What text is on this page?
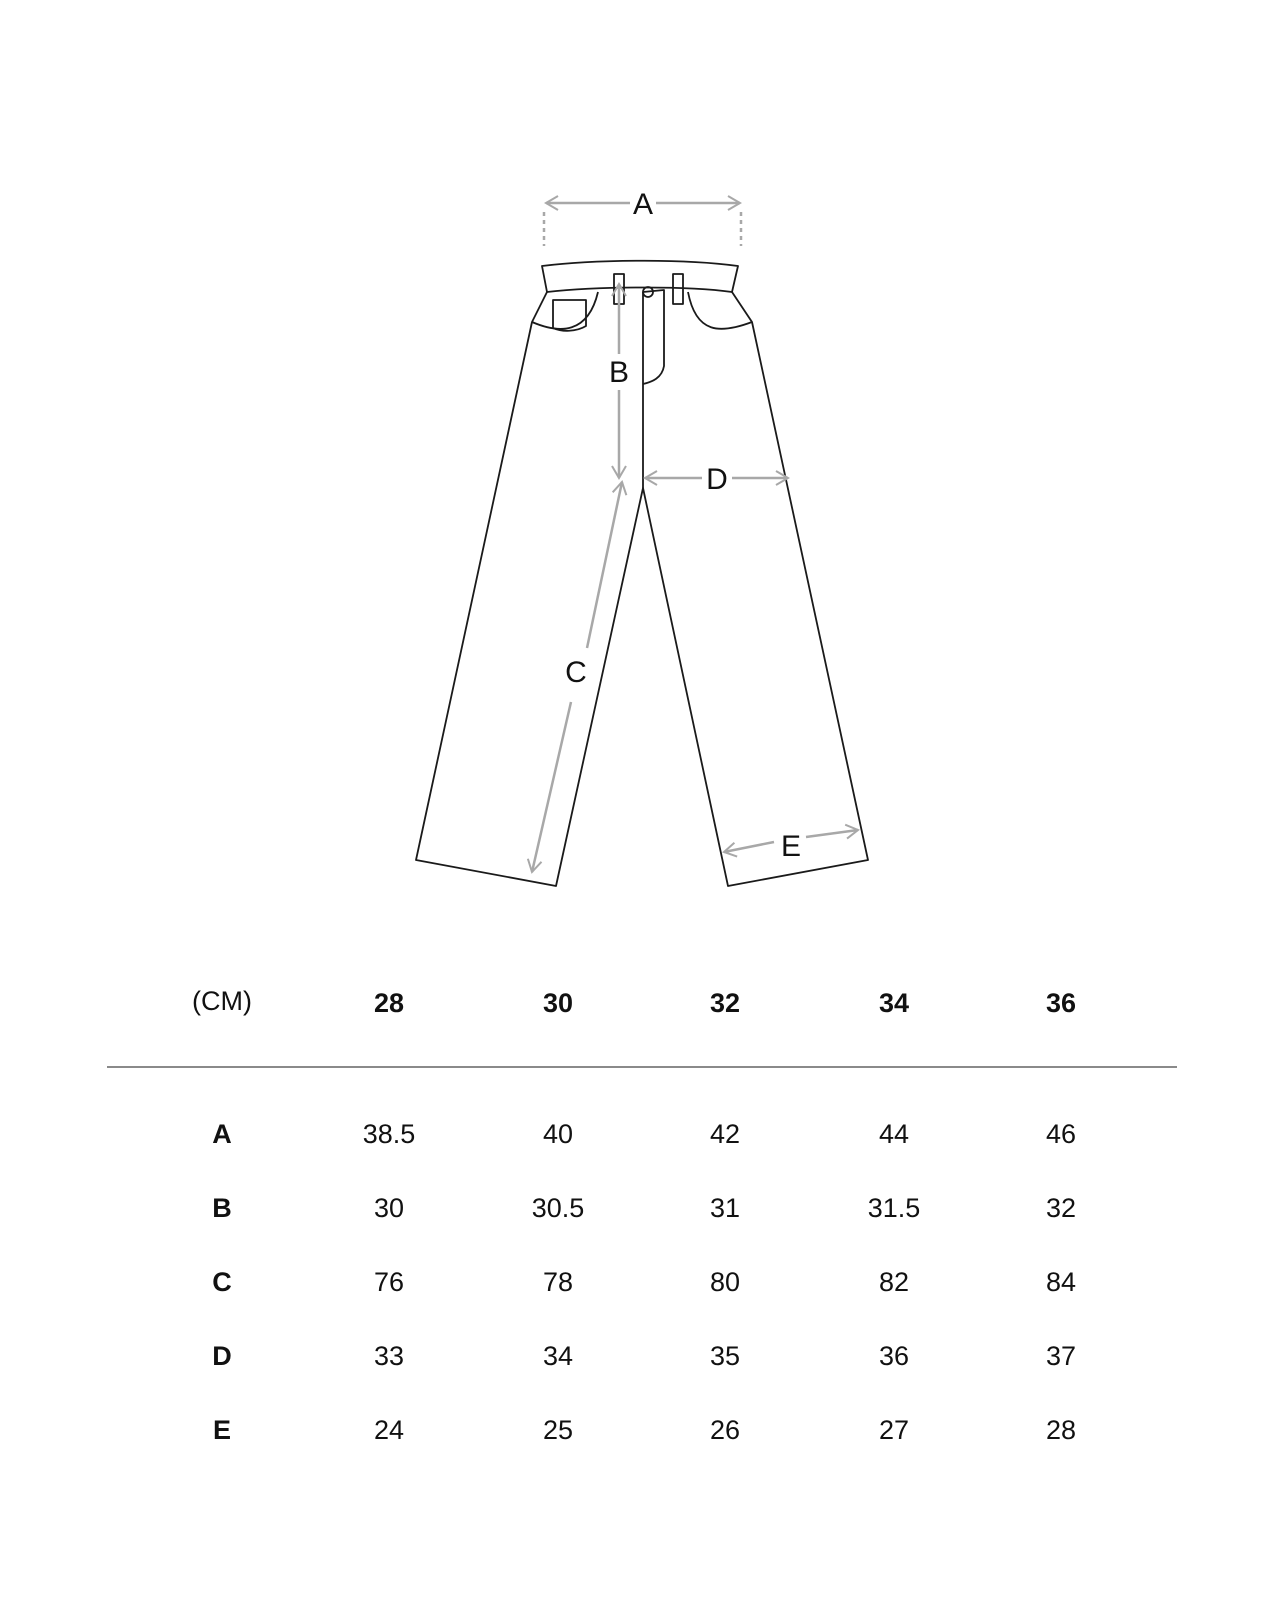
A
B
C
D
E
(CM)	28	30	32	34	36
A	38.5	40	42	44	46
B	30	30.5	31	31.5	32
C	76	78	80	82	84
D	33	34	35	36	37
E	24	25	26	27	28
